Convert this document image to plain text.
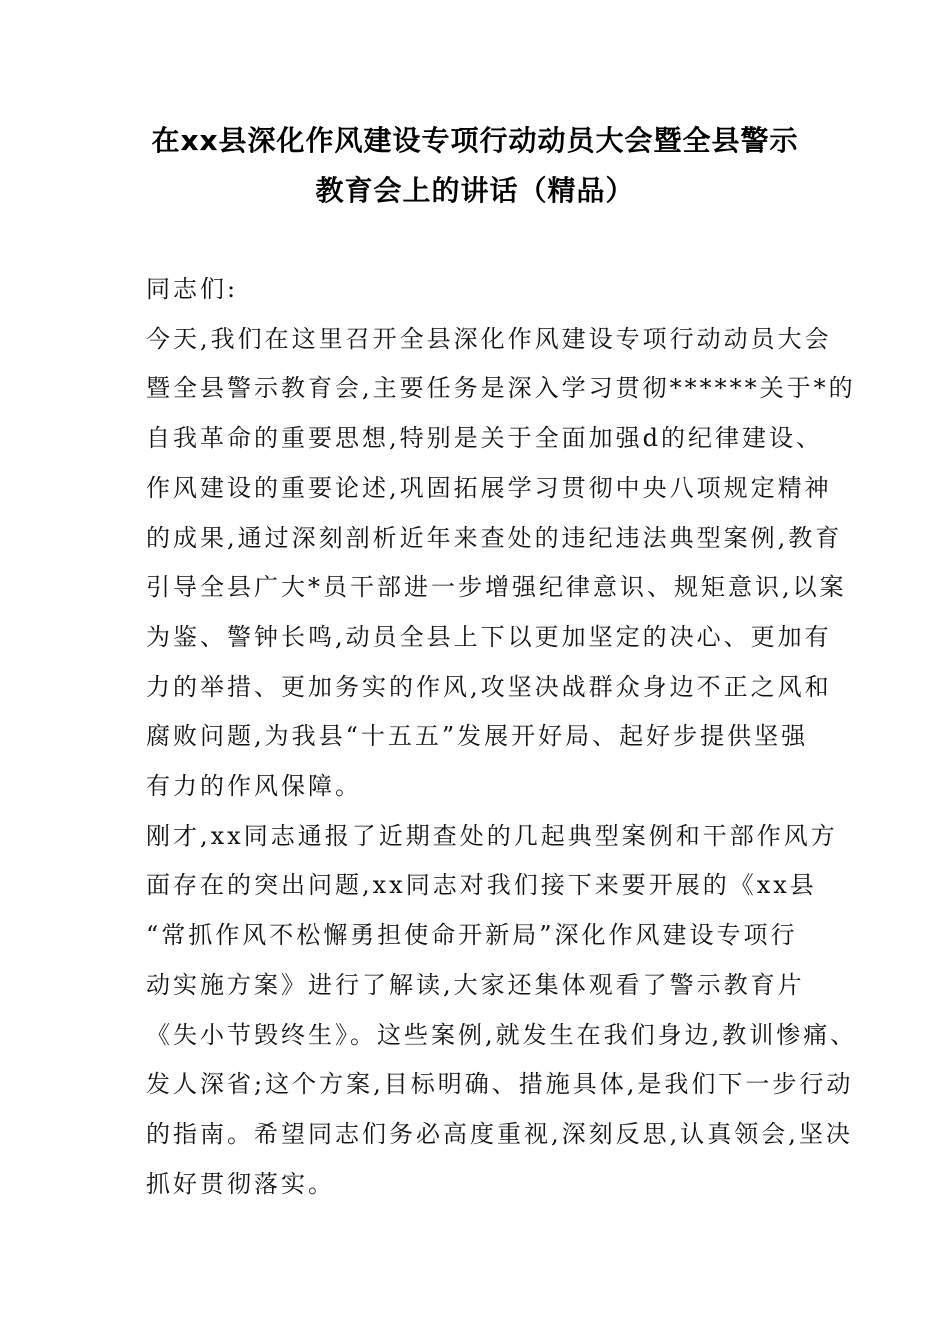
在xx县深化作风建设专项行动动员大会暨全县警示
教育会上的讲话（精品）
同志们:
今天,我们在这里召开全县深化作风建设专项行动动员大会
暨全县警示教育会,主要任务是深入学习贯彻******关于*的
自我革命的重要思想,特别是关于全面加强d的纪律建设、
作风建设的重要论述,巩固拓展学习贯彻中央八项规定精神
的成果,通过深刻剖析近年来查处的违纪违法典型案例,教育
引导全县广大*员干部进一步增强纪律意识、规矩意识,以案
为鉴、警钟长鸣,动员全县上下以更加坚定的决心、更加有
力的举措、更加务实的作风,攻坚决战群众身边不正之风和
腐败问题,为我县“十五五”发展开好局、起好步提供坚强
有力的作风保障。
刚才,xx同志通报了近期查处的几起典型案例和干部作风方
面存在的突出问题,xx同志对我们接下来要开展的《xx县
“常抓作风不松懈勇担使命开新局”深化作风建设专项行
动实施方案》进行了解读,大家还集体观看了警示教育片
《失小节毁终生》。这些案例,就发生在我们身边,教训惨痛、
发人深省;这个方案,目标明确、措施具体,是我们下一步行动
的指南。希望同志们务必高度重视,深刻反思,认真领会,坚决
抓好贯彻落实。
